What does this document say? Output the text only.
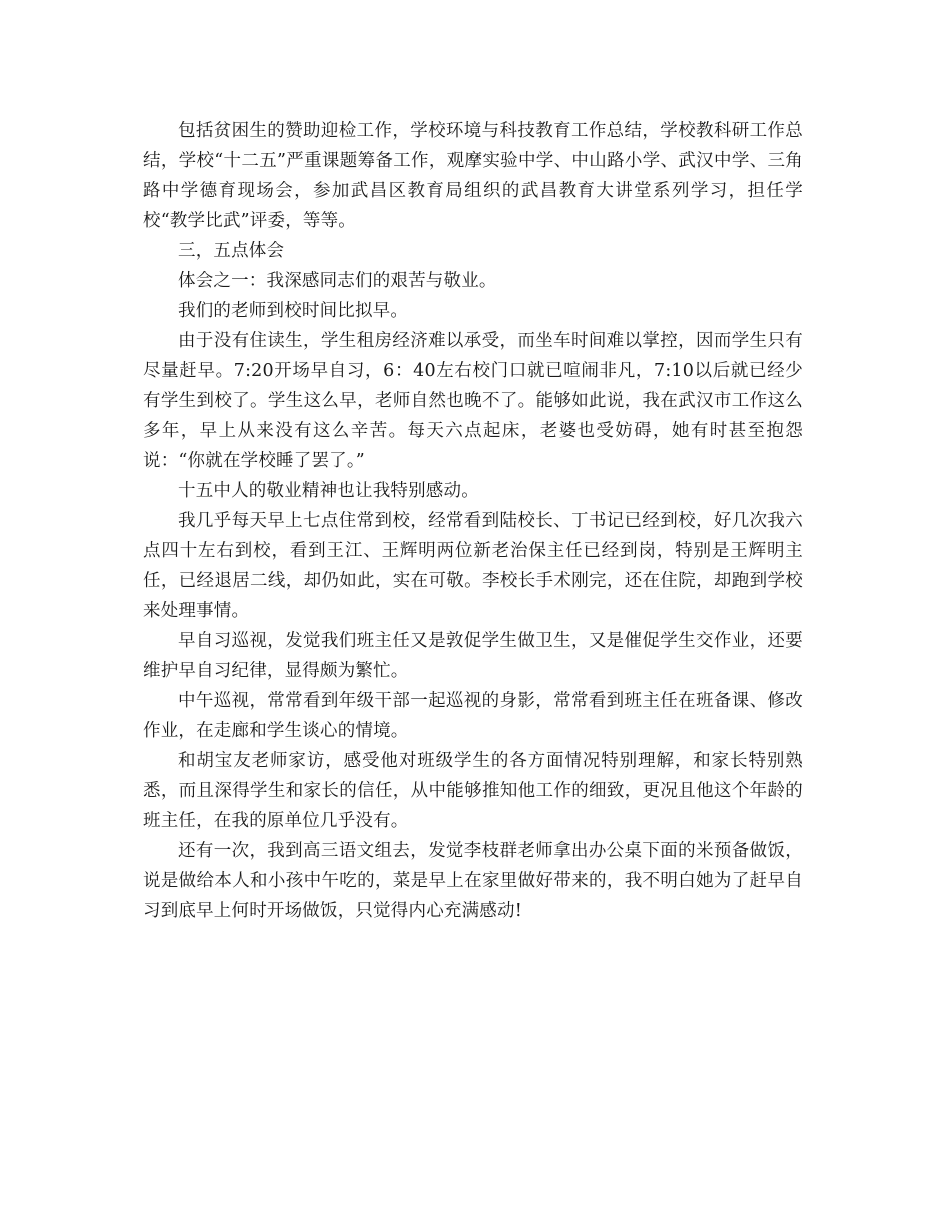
包括贫困生的赞助迎检工作，学校环境与科技教育工作总结，学校教科研工作总结，学校“十二五”严重课题筹备工作，观摩实验中学、中山路小学、武汉中学、三角路中学德育现场会，参加武昌区教育局组织的武昌教育大讲堂系列学习，担任学校“教学比武”评委，等等。

三，五点体会

体会之一：我深感同志们的艰苦与敬业。

我们的老师到校时间比拟早。

由于没有住读生，学生租房经济难以承受，而坐车时间难以掌控，因而学生只有尽量赶早。7:20开场早自习，6：40左右校门口就已喧闹非凡，7:10以后就已经少有学生到校了。学生这么早，老师自然也晚不了。能够如此说，我在武汉市工作这么多年，早上从来没有这么辛苦。每天六点起床，老婆也受妨碍，她有时甚至抱怨说：“你就在学校睡了罢了。”

十五中人的敬业精神也让我特别感动。

我几乎每天早上七点住常到校，经常看到陆校长、丁书记已经到校，好几次我六点四十左右到校，看到王江、王辉明两位新老治保主任已经到岗，特别是王辉明主任，已经退居二线，却仍如此，实在可敬。李校长手术刚完，还在住院，却跑到学校来处理事情。

早自习巡视，发觉我们班主任又是敦促学生做卫生，又是催促学生交作业，还要维护早自习纪律，显得颇为繁忙。

中午巡视，常常看到年级干部一起巡视的身影，常常看到班主任在班备课、修改作业，在走廊和学生谈心的情境。

和胡宝友老师家访，感受他对班级学生的各方面情况特别理解，和家长特别熟悉，而且深得学生和家长的信任，从中能够推知他工作的细致，更况且他这个年龄的班主任，在我的原单位几乎没有。

还有一次，我到高三语文组去，发觉李枝群老师拿出办公桌下面的米预备做饭，说是做给本人和小孩中午吃的，菜是早上在家里做好带来的，我不明白她为了赶早自习到底早上何时开场做饭，只觉得内心充满感动!
